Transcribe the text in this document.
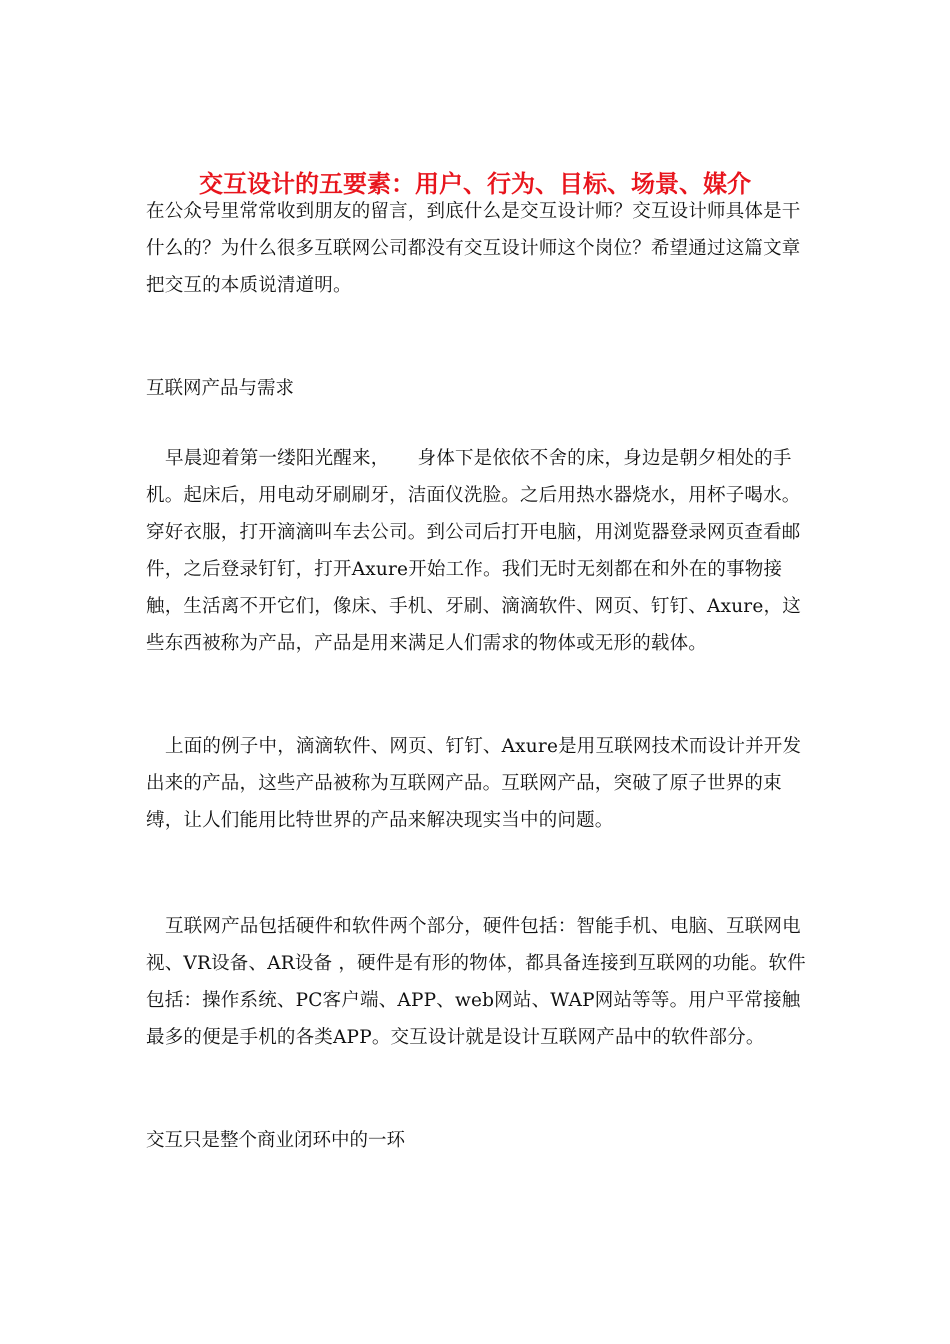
交互设计的五要素：用户、行为、目标、场景、媒介

在公众号里常常收到朋友的留言，到底什么是交互设计师？交互设计师具体是干什么的？为什么很多互联网公司都没有交互设计师这个岗位？希望通过这篇文章把交互的本质说清道明。

互联网产品与需求

早晨迎着第一缕阳光醒来，　　身体下是依依不舍的床，身边是朝夕相处的手机。起床后，用电动牙刷刷牙，洁面仪洗脸。之后用热水器烧水，用杯子喝水。穿好衣服，打开滴滴叫车去公司。到公司后打开电脑，用浏览器登录网页查看邮件，之后登录钉钉，打开Axure开始工作。我们无时无刻都在和外在的事物接触，生活离不开它们，像床、手机、牙刷、滴滴软件、网页、钉钉、Axure，这些东西被称为产品，产品是用来满足人们需求的物体或无形的载体。

上面的例子中，滴滴软件、网页、钉钉、Axure是用互联网技术而设计并开发出来的产品，这些产品被称为互联网产品。互联网产品，突破了原子世界的束缚，让人们能用比特世界的产品来解决现实当中的问题。

互联网产品包括硬件和软件两个部分，硬件包括：智能手机、电脑、互联网电视、VR设备、AR设备 ，硬件是有形的物体，都具备连接到互联网的功能。软件包括：操作系统、PC客户端、APP、web网站、WAP网站等等。用户平常接触最多的便是手机的各类APP。交互设计就是设计互联网产品中的软件部分。

交互只是整个商业闭环中的一环
